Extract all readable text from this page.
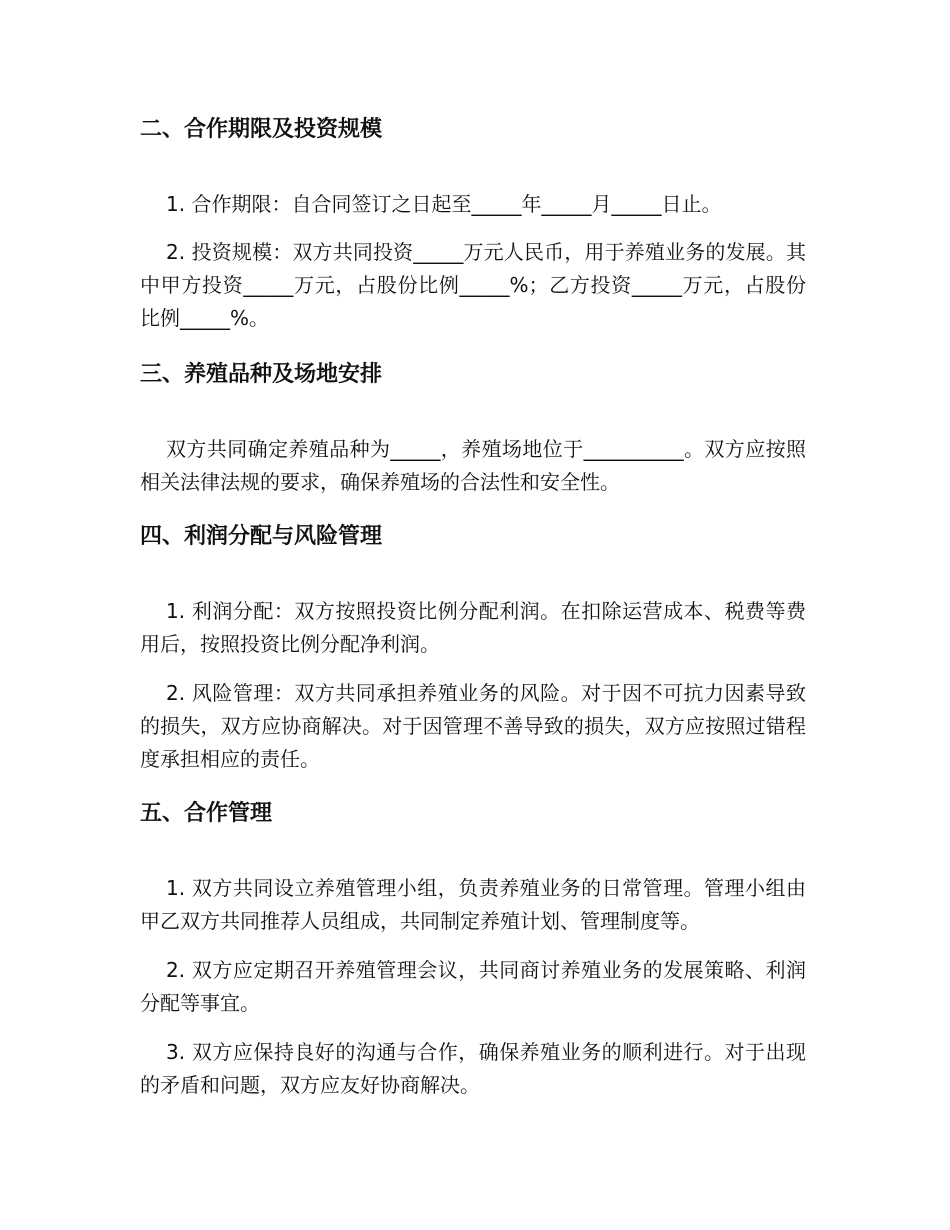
二、合作期限及投资规模

1. 合作期限：自合同签订之日起至_____年_____月_____日止。

2. 投资规模：双方共同投资_____万元人民币，用于养殖业务的发展。其中甲方投资_____万元，占股份比例_____%；乙方投资_____万元，占股份比例_____%。

三、养殖品种及场地安排

双方共同确定养殖品种为_____，养殖场地位于__________。双方应按照相关法律法规的要求，确保养殖场的合法性和安全性。

四、利润分配与风险管理

1. 利润分配：双方按照投资比例分配利润。在扣除运营成本、税费等费用后，按照投资比例分配净利润。

2. 风险管理：双方共同承担养殖业务的风险。对于因不可抗力因素导致的损失，双方应协商解决。对于因管理不善导致的损失，双方应按照过错程度承担相应的责任。

五、合作管理

1. 双方共同设立养殖管理小组，负责养殖业务的日常管理。管理小组由甲乙双方共同推荐人员组成，共同制定养殖计划、管理制度等。

2. 双方应定期召开养殖管理会议，共同商讨养殖业务的发展策略、利润分配等事宜。

3. 双方应保持良好的沟通与合作，确保养殖业务的顺利进行。对于出现的矛盾和问题，双方应友好协商解决。
